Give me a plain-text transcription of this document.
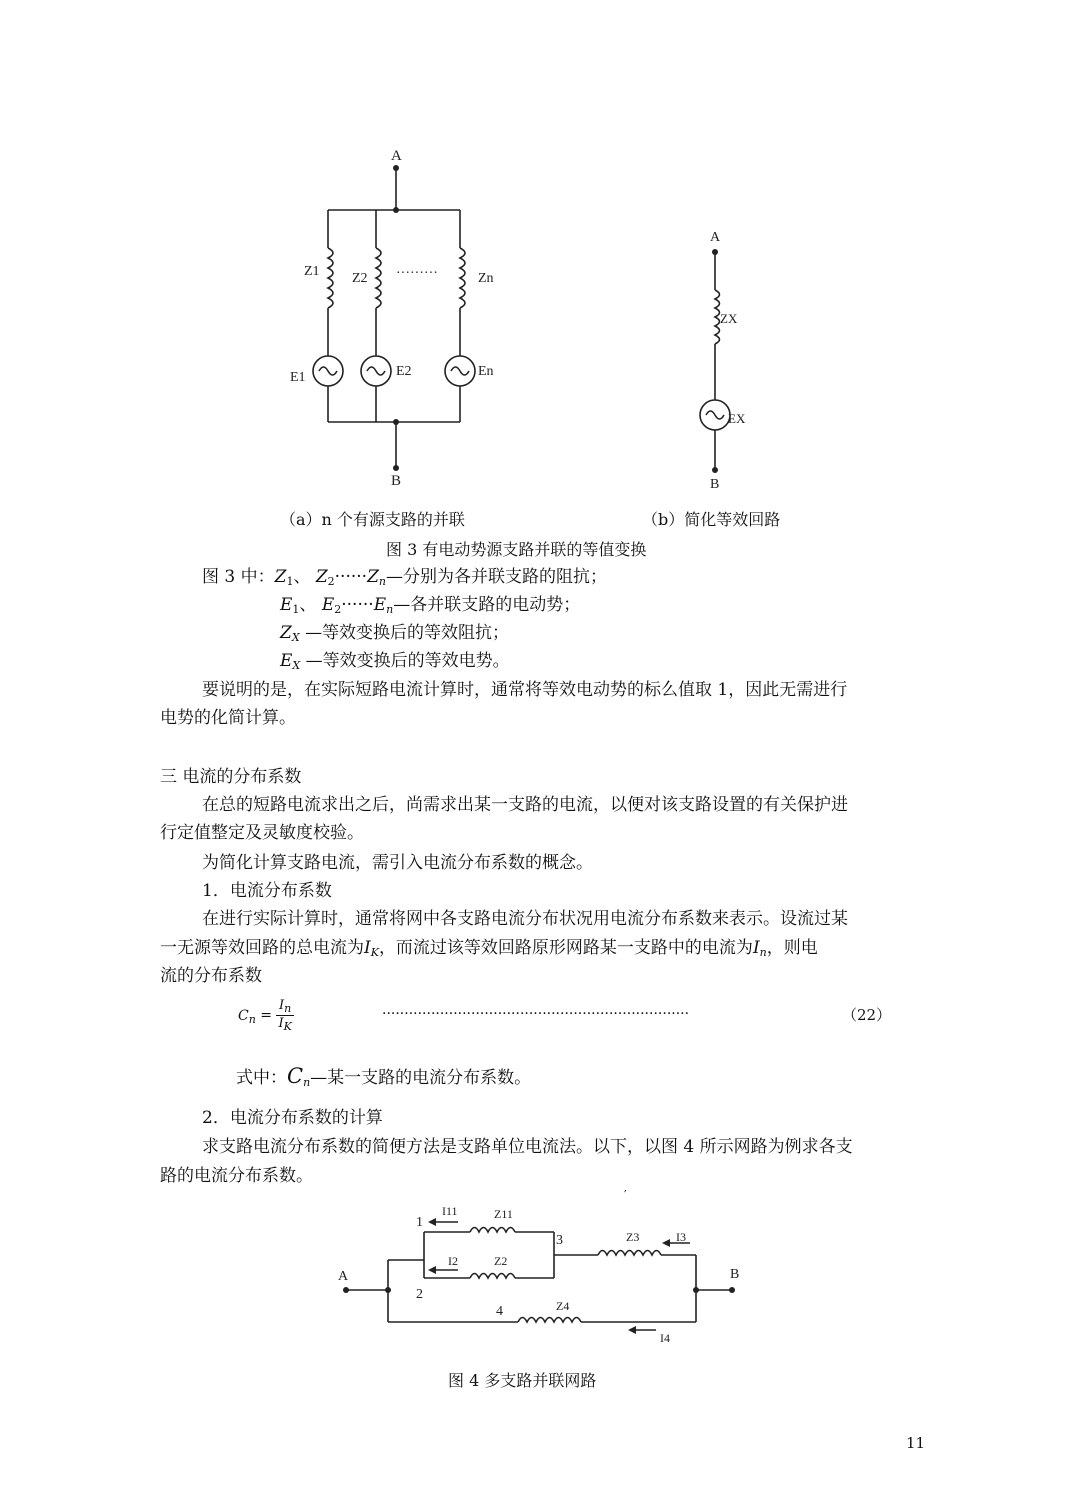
A
B
Z1 Z2 ·········	Zn
E1	E2	En
A
B
ZX
EX
（a）n 个有源支路的并联	（b）简化等效回路
图 3 有电动势源支路并联的等值变换
图 3 中：$Z_1$、 $Z_2\cdot\cdot\cdot\cdot\cdot\cdot Z_n—$分别为各并联支路的阻抗；
$E_1$、 $E_2\cdot\cdot\cdot\cdot\cdot\cdot E_n—$各并联支路的电动势；
$Z_X$ —等效变换后的等效阻抗；
$E_X$ —等效变换后的等效电势。
要说明的是，在实际短路电流计算时，通常将等效电动势的标么值取 1，因此无需进行
电势的化简计算。
三 电流的分布系数
在总的短路电流求出之后，尚需求出某一支路的电流，以便对该支路设置的有关保护进
行定值整定及灵敏度校验。
为简化计算支路电流，需引入电流分布系数的概念。
1．电流分布系数
在进行实际计算时，通常将网中各支路电流分布状况用电流分布系数来表示。设流过某
一无源等效回路的总电流为$I_K$，而流过该等效回路原形网路某一支路中的电流为$I_n$，则电
流的分布系数
$C_n = \frac{I_n}{I_K}$	·····································································	（22）
式中：$C_n—$某一支路的电流分布系数。
2．电流分布系数的计算
求支路电流分布系数的简便方法是支路单位电流法。以下，以图 4 所示网路为例求各支
路的电流分布系数。
A	B
1
2
3
4
I11	Z11
I2	Z2
Z3	I3
Z4
I4
′
图 4 多支路并联网路
11
